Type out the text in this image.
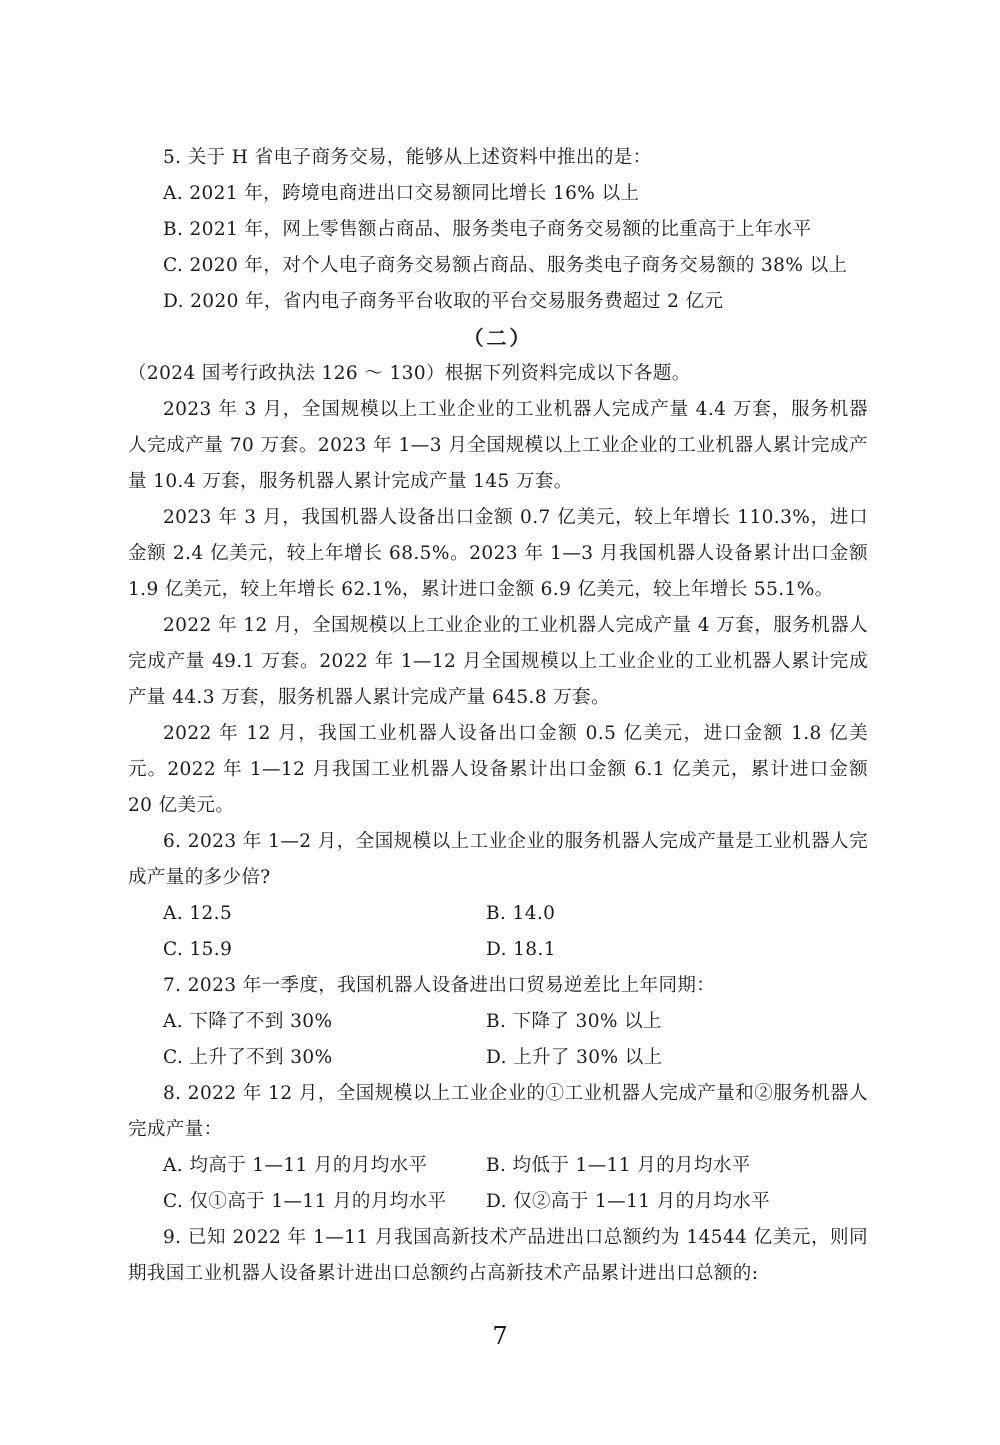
5. 关于 H 省电子商务交易，能够从上述资料中推出的是：

A. 2021 年，跨境电商进出口交易额同比增长 16% 以上

B. 2021 年，网上零售额占商品、服务类电子商务交易额的比重高于上年水平

C. 2020 年，对个人电子商务交易额占商品、服务类电子商务交易额的 38% 以上

D. 2020 年，省内电子商务平台收取的平台交易服务费超过 2 亿元

（二）

（2024 国考行政执法 126 ～ 130）根据下列资料完成以下各题。

2023 年 3 月，全国规模以上工业企业的工业机器人完成产量 4.4 万套，服务机器人完成产量 70 万套。2023 年 1—3 月全国规模以上工业企业的工业机器人累计完成产量 10.4 万套，服务机器人累计完成产量 145 万套。

2023 年 3 月，我国机器人设备出口金额 0.7 亿美元，较上年增长 110.3%，进口金额 2.4 亿美元，较上年增长 68.5%。2023 年 1—3 月我国机器人设备累计出口金额 1.9 亿美元，较上年增长 62.1%，累计进口金额 6.9 亿美元，较上年增长 55.1%。

2022 年 12 月，全国规模以上工业企业的工业机器人完成产量 4 万套，服务机器人完成产量 49.1 万套。2022 年 1—12 月全国规模以上工业企业的工业机器人累计完成产量 44.3 万套，服务机器人累计完成产量 645.8 万套。

2022 年 12 月，我国工业机器人设备出口金额 0.5 亿美元，进口金额 1.8 亿美元。2022 年 1—12 月我国工业机器人设备累计出口金额 6.1 亿美元，累计进口金额 20 亿美元。

6. 2023 年 1—2 月，全国规模以上工业企业的服务机器人完成产量是工业机器人完成产量的多少倍?

A. 12.5	B. 14.0
C. 15.9	D. 18.1

7. 2023 年一季度，我国机器人设备进出口贸易逆差比上年同期：

A. 下降了不到 30%	B. 下降了 30% 以上
C. 上升了不到 30%	D. 上升了 30% 以上

8. 2022 年 12 月，全国规模以上工业企业的①工业机器人完成产量和②服务机器人完成产量：

A. 均高于 1—11 月的月均水平	B. 均低于 1—11 月的月均水平
C. 仅①高于 1—11 月的月均水平	D. 仅②高于 1—11 月的月均水平

9. 已知 2022 年 1—11 月我国高新技术产品进出口总额约为 14544 亿美元，则同期我国工业机器人设备累计进出口总额约占高新技术产品累计进出口总额的:

7
